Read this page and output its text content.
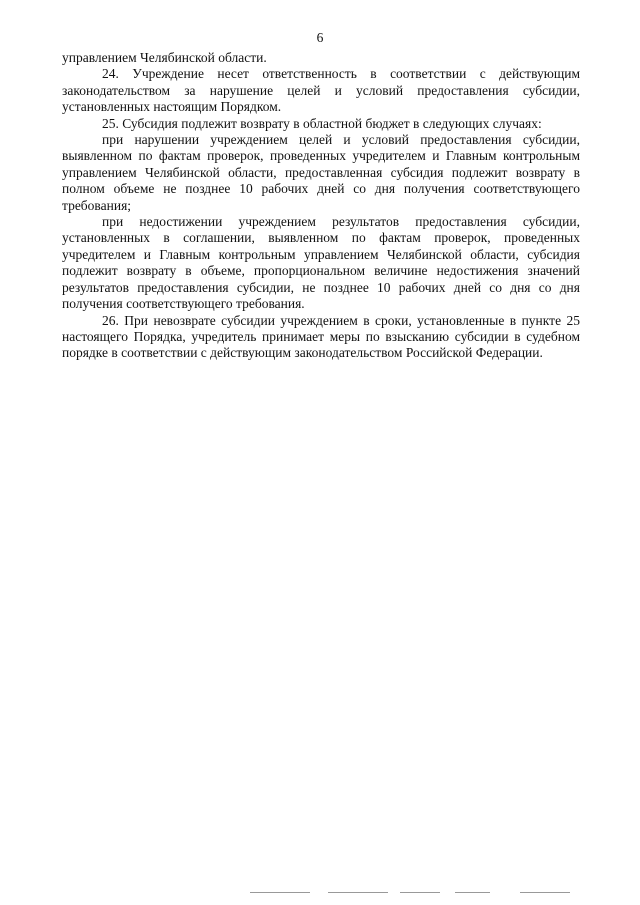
6

управлением Челябинской области.

24. Учреждение несет ответственность в соответствии с действующим законодательством за нарушение целей и условий предоставления субсидии, установленных настоящим Порядком.

25. Субсидия подлежит возврату в областной бюджет в следующих случаях:

при нарушении учреждением целей и условий предоставления субсидии, выявленном по фактам проверок, проведенных учредителем и Главным контрольным управлением Челябинской области, предоставленная субсидия подлежит возврату в полном объеме не позднее 10 рабочих дней со дня получения соответствующего требования;

при недостижении учреждением результатов предоставления субсидии, установленных в соглашении, выявленном по фактам проверок, проведенных учредителем и Главным контрольным управлением Челябинской области, субсидия подлежит возврату в объеме, пропорциональном величине недостижения значений результатов предоставления субсидии, не позднее 10 рабочих дней со дня со дня получения соответствующего требования.

26. При невозврате субсидии учреждением в сроки, установленные в пункте 25 настоящего Порядка, учредитель принимает меры по взысканию субсидии в судебном порядке в соответствии с действующим законодательством Российской Федерации.
